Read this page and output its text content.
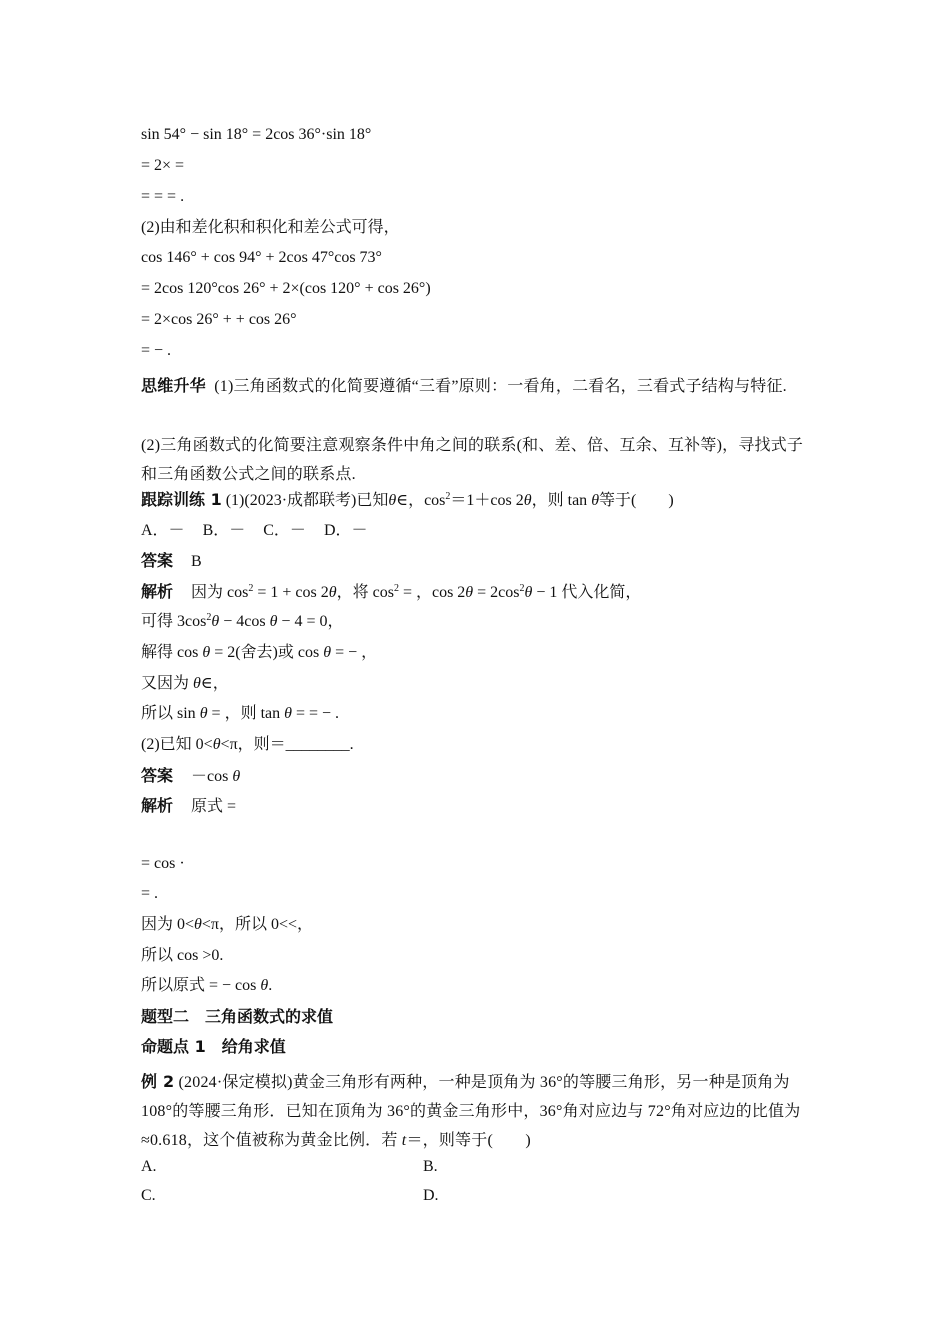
sin 54° − sin 18° = 2cos 36°·sin 18°
= 2× =
= = = .
(2)由和差化积和积化和差公式可得，
cos 146° + cos 94° + 2cos 47°cos 73°
= 2cos 120°cos 26° + 2×(cos 120° + cos 26°)
= 2×cos 26° + + cos 26°
= − .
思维升华 (1)三角函数式的化简要遵循“三看”原则：一看角，二看名，三看式子结构与特征.
(2)三角函数式的化简要注意观察条件中角之间的联系(和、差、倍、互余、互补等)，寻找式子和三角函数公式之间的联系点.
跟踪训练 1 (1)(2023·成都联考)已知θ∈，$\cos^2=1+\cos$ 2θ，则 tan θ等于(　　)
A．－ B．－ C．－ D．－
答案 B
解析 因为 $\cos^2 = 1 + \cos 2\theta$，将 $\cos^2$ = ，$\cos 2\theta = 2\cos^2\theta - 1$ 代入化简，
可得 $3\cos^2\theta - 4\cos$ θ − 4 = 0，
解得 cos θ = 2(舍去)或 cos θ = − ，
又因为 θ∈，
所以 sin θ = ，则 tan θ = = − .
(2)已知 0<θ<π，则＝________.
答案 －cos θ
解析 原式 =
= cos ·
= .
因为 0<θ<π，所以 0<<，
所以 cos >0.
所以原式 = − cos θ.
题型二　三角函数式的求值
命题点 1　给角求值
例 2 (2024·保定模拟)黄金三角形有两种，一种是顶角为 36°的等腰三角形，另一种是顶角为 108°的等腰三角形．已知在顶角为 36°的黄金三角形中，36°角对应边与 72°角对应边的比值为≈0.618，这个值被称为黄金比例．若 t＝，则等于(　　)
A.	B.
C.	D.
